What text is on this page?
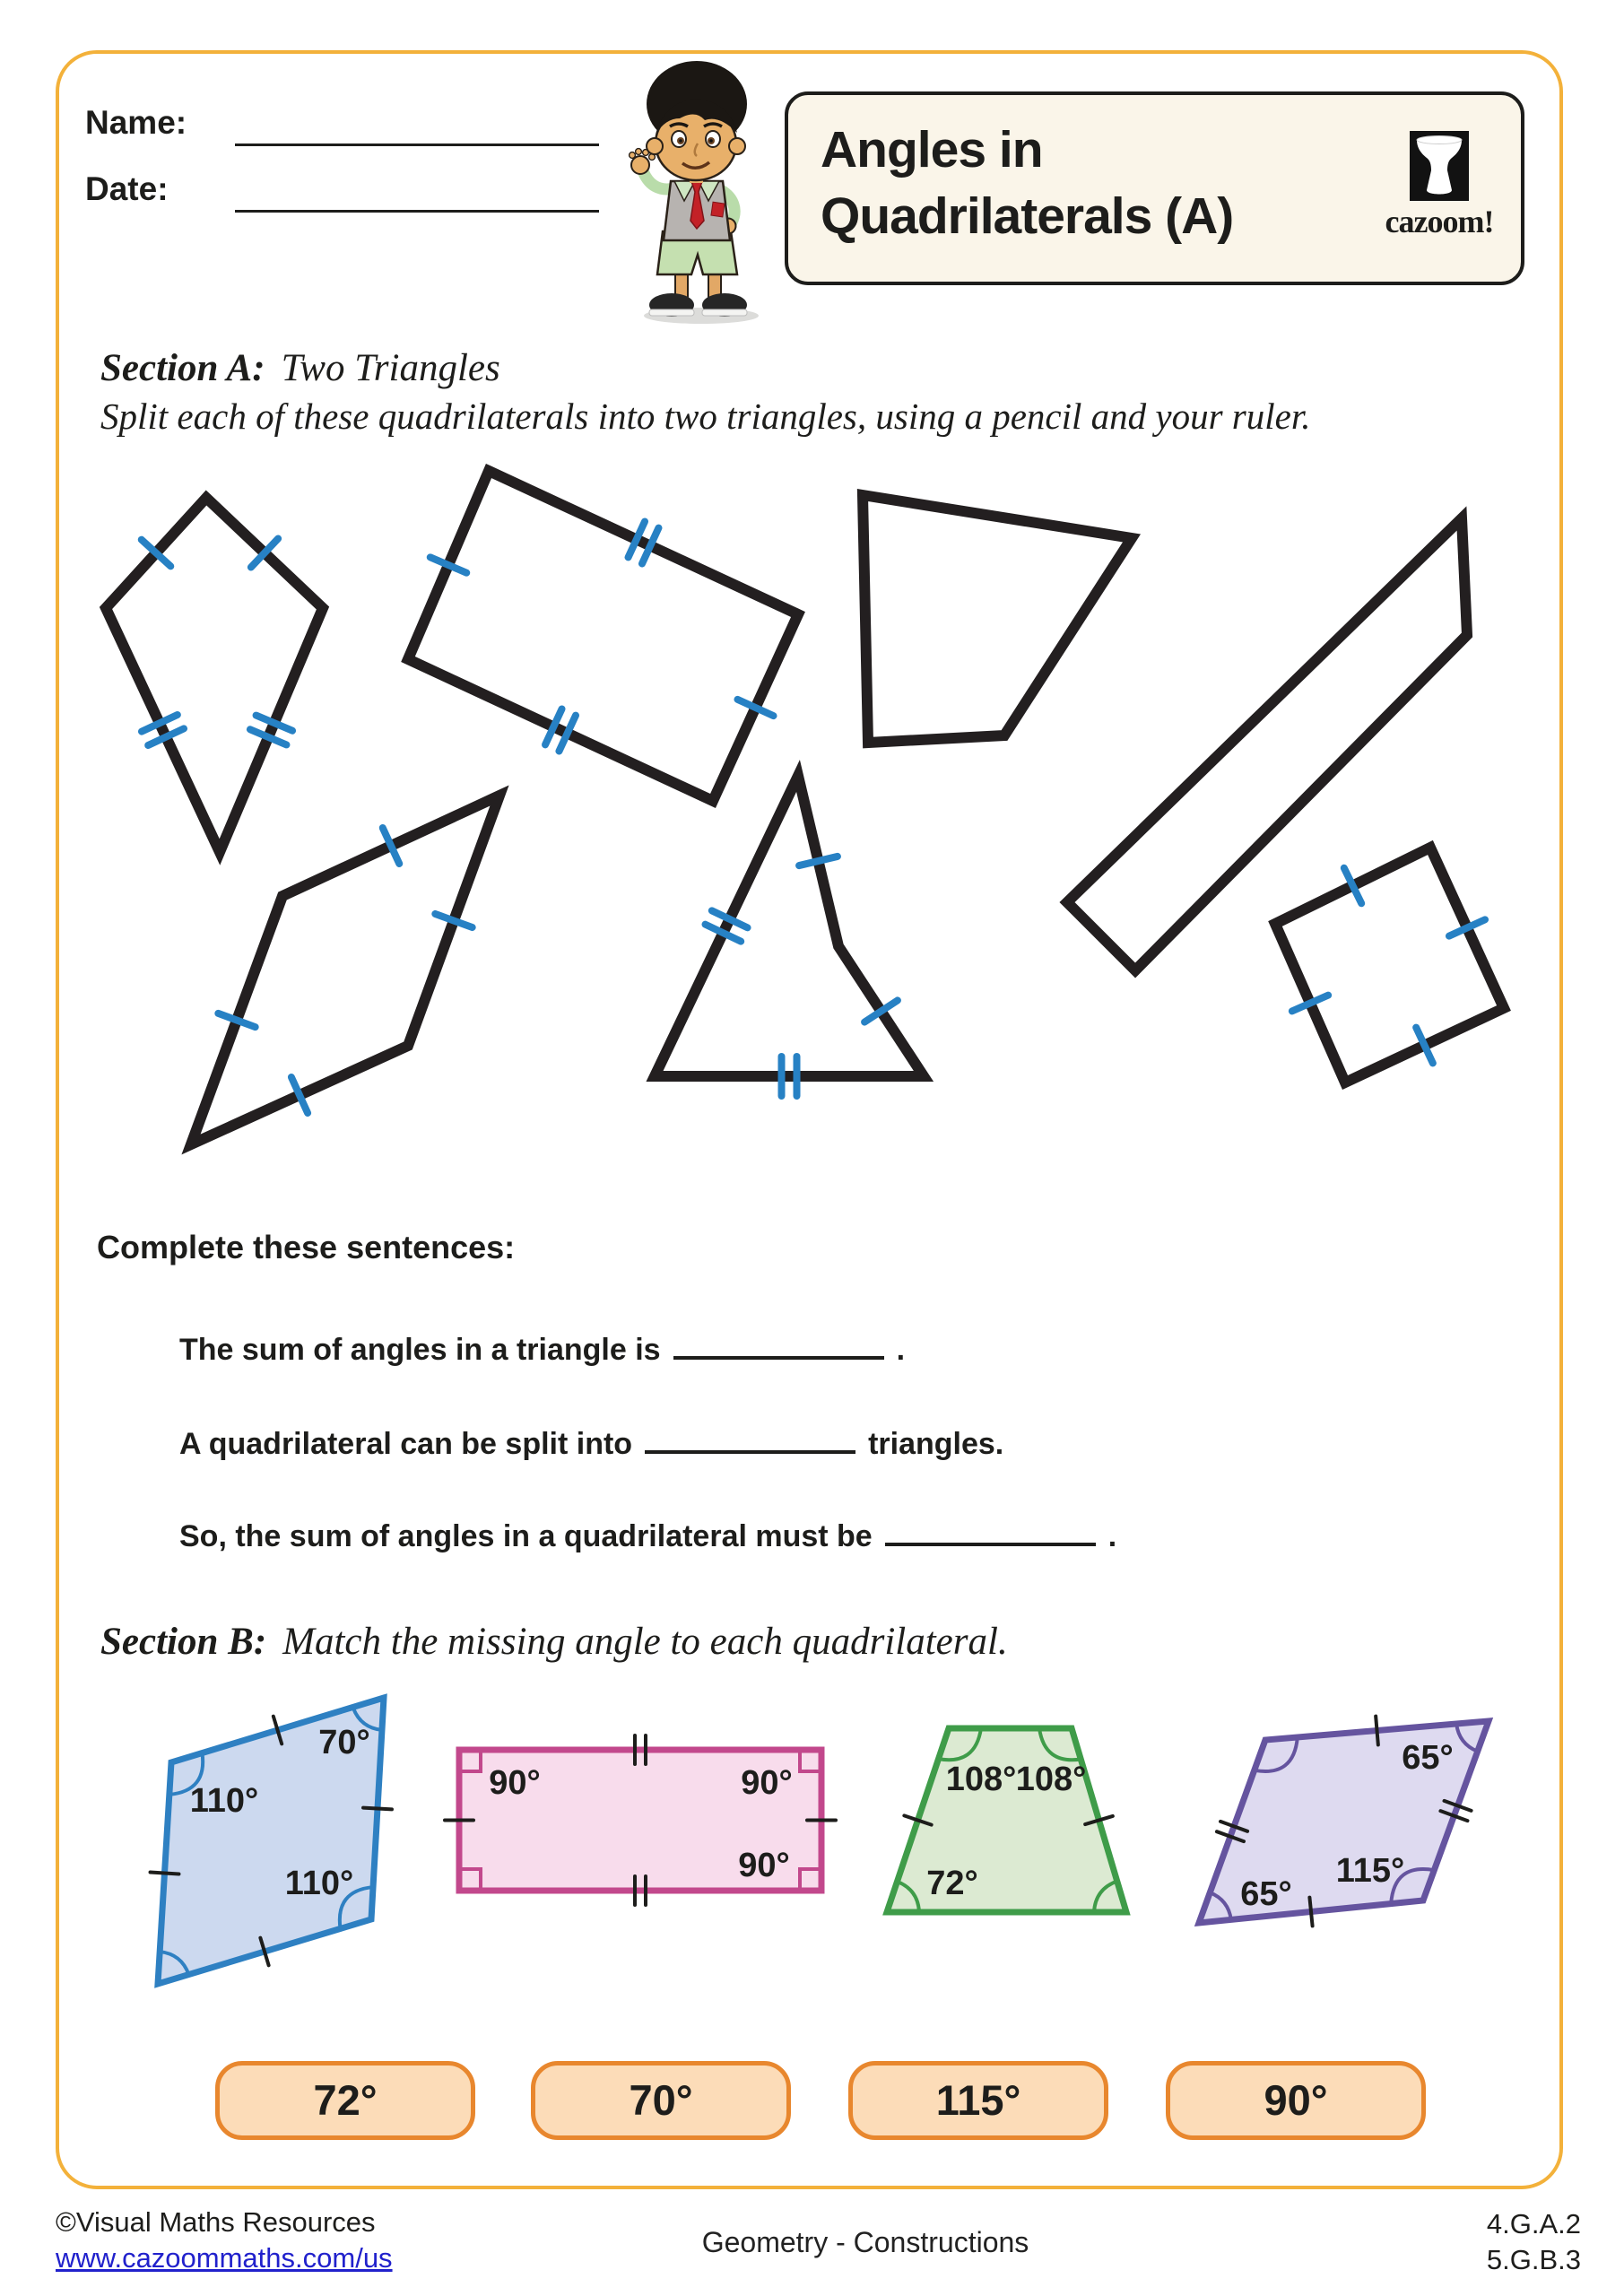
70°
110°
110°
90°	90°
90°
108° 108°
72°
65°
115°
65°
Name:
Date:
Angles in
Quadrilaterals (A)	cazoom!
Section A: Two Triangles
Split each of these quadrilaterals into two triangles, using a pencil and your ruler.
Complete these sentences:
The sum of angles in a triangle is	.
A quadrilateral can be split into	triangles.
So, the sum of angles in a quadrilateral must be	.
Section B: Match the missing angle to each quadrilateral.
72°	70°	115°	90°
©Visual Maths Resources
www.cazoommaths.com/us	Geometry - Constructions
4.G.A.2
5.G.B.3
